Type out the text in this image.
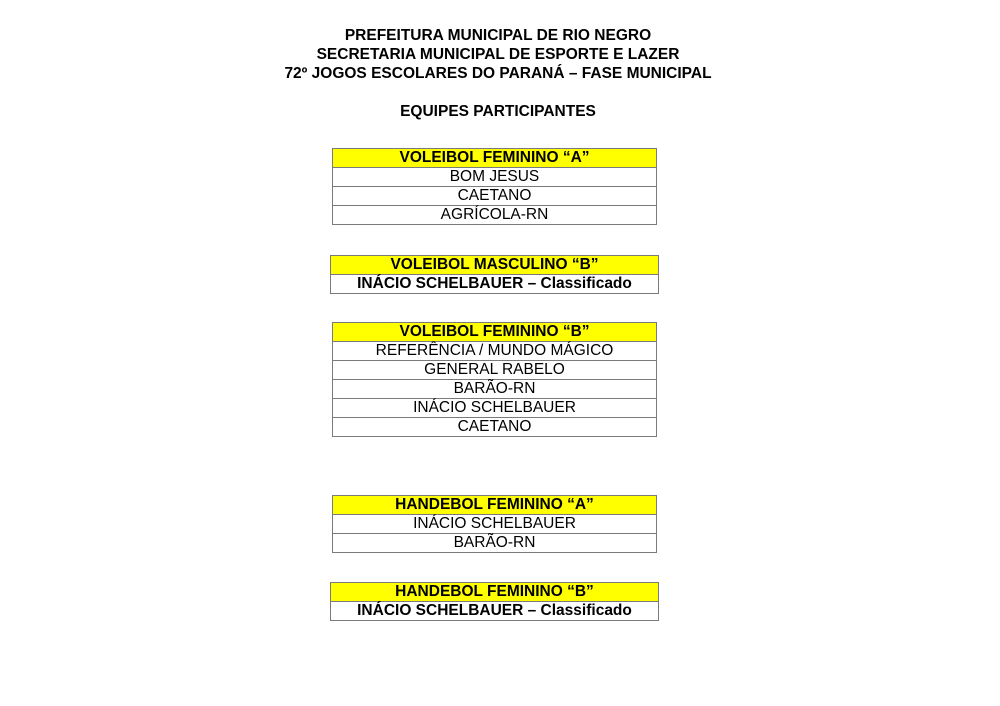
PREFEITURA MUNICIPAL DE RIO NEGRO
SECRETARIA MUNICIPAL DE ESPORTE E LAZER
72º JOGOS ESCOLARES DO PARANÁ – FASE MUNICIPAL
EQUIPES PARTICIPANTES
VOLEIBOL FEMININO “A”
BOM JESUS
CAETANO
AGRÍCOLA-RN
VOLEIBOL MASCULINO “B”
INÁCIO SCHELBAUER – Classificado
VOLEIBOL FEMININO “B”
REFERÊNCIA / MUNDO MÁGICO
GENERAL RABELO
BARÃO-RN
INÁCIO SCHELBAUER
CAETANO
HANDEBOL FEMININO “A”
INÁCIO SCHELBAUER
BARÃO-RN
HANDEBOL FEMININO “B”
INÁCIO SCHELBAUER – Classificado
